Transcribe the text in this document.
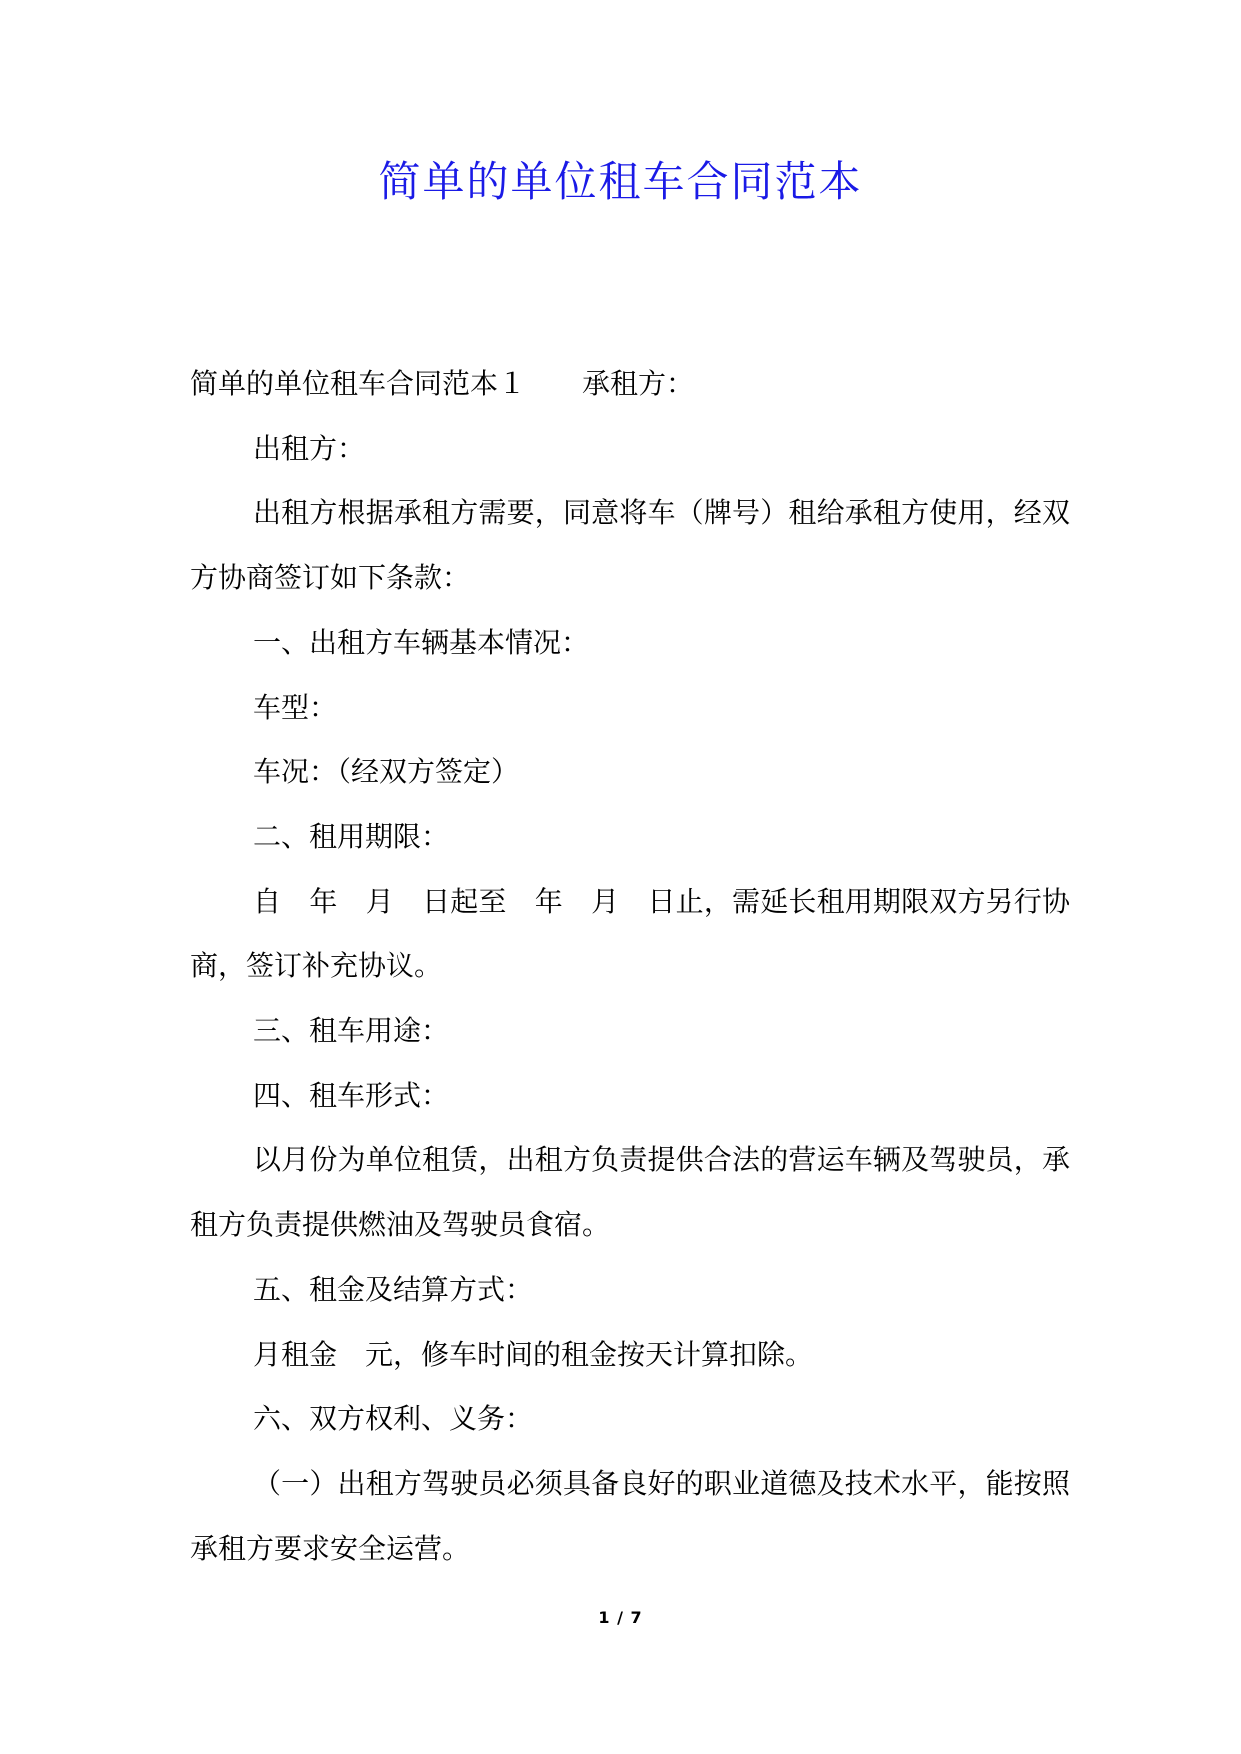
简单的单位租车合同范本

简单的单位租车合同范本１　　承租方：

出租方：

出租方根据承租方需要，同意将车（牌号）租给承租方使用，经双方协商签订如下条款：

一、出租方车辆基本情况：

车型：

车况：（经双方签定）

二、租用期限：

自　年　月　日起至　年　月　日止，需延长租用期限双方另行协商，签订补充协议。

三、租车用途：

四、租车形式：

以月份为单位租赁，出租方负责提供合法的营运车辆及驾驶员，承租方负责提供燃油及驾驶员食宿。

五、租金及结算方式：

月租金　元，修车时间的租金按天计算扣除。

六、双方权利、义务：

（一）出租方驾驶员必须具备良好的职业道德及技术水平，能按照承租方要求安全运营。

1 / 7
